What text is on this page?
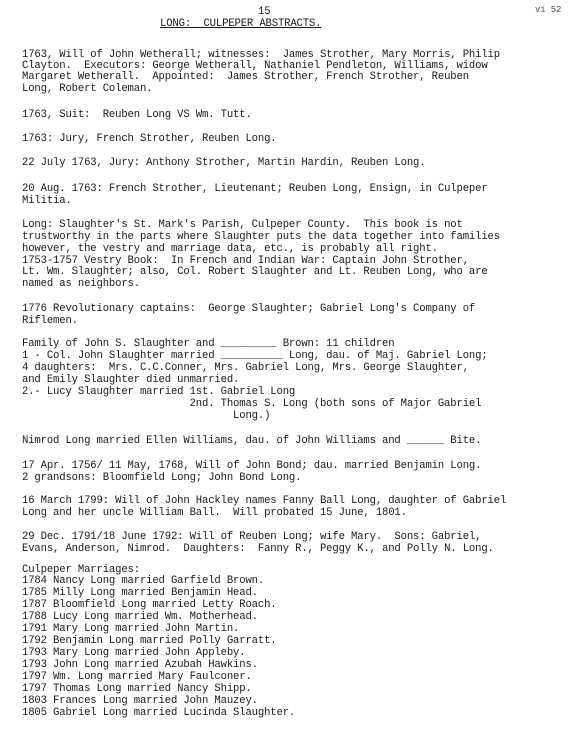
15
LONG:  CULPEPER ABSTRACTS.
vi 52
1763, Will of John Wetherall; witnesses:  James Strother, Mary Morris, Philip
Clayton.  Executors: George Wetherall, Nathaniel Pendleton, Williams, widow
Margaret Wetherall.  Appointed:  James Strother, French Strother, Reuben
Long, Robert Coleman.
1763, Suit:  Reuben Long VS Wm. Tutt.
1763: Jury, French Strother, Reuben Long.
22 July 1763, Jury: Anthony Strother, Martin Hardin, Reuben Long.
20 Aug. 1763: French Strother, Lieutenant; Reuben Long, Ensign, in Culpeper
Militia.
Long: Slaughter's St. Mark's Parish, Culpeper County.  This book is not
trustworthy in the parts where Slaughter puts the data together into families
however, the vestry and marriage data, etc., is probably all right.
1753-1757 Vestry Book:  In French and Indian War: Captain John Strother,
Lt. Wm. Slaughter; also, Col. Robert Slaughter and Lt. Reuben Long, who are
named as neighbors.
1776 Revolutionary captains:  George Slaughter; Gabriel Long's Company of
Riflemen.
Family of John S. Slaughter and _________ Brown: 11 children
1 - Col. John Slaughter married __________ Long, dau. of Maj. Gabriel Long;
4 daughters:  Mrs. C.C.Conner, Mrs. Gabriel Long, Mrs. George Slaughter,
and Emily Slaughter died unmarried.
2.- Lucy Slaughter married 1st. Gabriel Long
2nd. Thomas S. Long (both sons of Major Gabriel
Long.)
Nimrod Long married Ellen Williams, dau. of John Williams and ______ Bite.
17 Apr. 1756/ 11 May, 1768, Will of John Bond; dau. married Benjamin Long.
2 grandsons: Bloomfield Long; John Bond Long.
16 March 1799: Will of John Hackley names Fanny Ball Long, daughter of Gabriel
Long and her uncle William Ball.  Will probated 15 June, 1801.
29 Dec. 1791/18 June 1792: Will of Reuben Long; wife Mary.  Sons: Gabriel,
Evans, Anderson, Nimrod.  Daughters:  Fanny R., Peggy K., and Polly N. Long.
Culpeper Marriages:
1784 Nancy Long married Garfield Brown.
1785 Milly Long married Benjamin Head.
1787 Bloomfield Long married Letty Roach.
1788 Lucy Long married Wm. Motherhead.
1791 Mary Long married John Martin.
1792 Benjamin Long married Polly Garratt.
1793 Mary Long married John Appleby.
1793 John Long married Azubah Hawkins.
1797 Wm. Long married Mary Faulconer.
1797 Thomas Long married Nancy Shipp.
1803 Frances Long married John Mauzey.
1805 Gabriel Long married Lucinda Slaughter.
